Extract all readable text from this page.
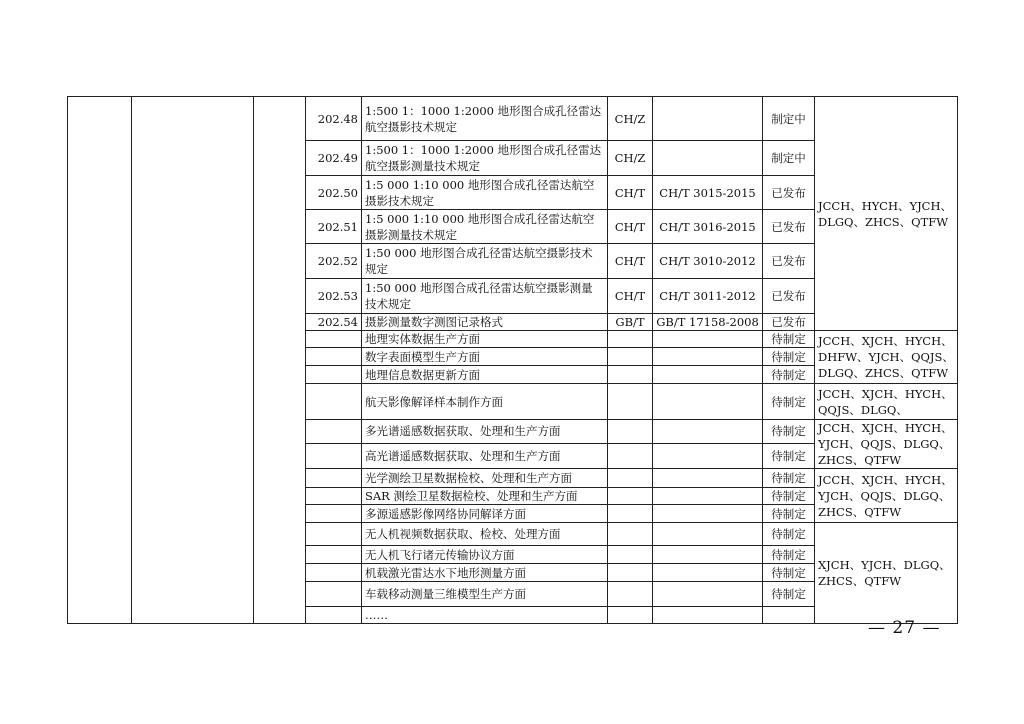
			202.48	1:500 1：1000 1:2000 地形图合成孔径雷达航空摄影技术规定	CH/Z		制定中	JCCH、HYCH、YJCH、DLGQ、ZHCS、QTFW
			202.49	1:500 1：1000 1:2000 地形图合成孔径雷达航空摄影测量技术规定	CH/Z		制定中	
			202.50	1:5 000 1:10 000 地形图合成孔径雷达航空摄影技术规定	CH/T	CH/T 3015-2015	已发布	
			202.51	1:5 000 1:10 000 地形图合成孔径雷达航空摄影测量技术规定	CH/T	CH/T 3016-2015	已发布	
			202.52	1:50 000 地形图合成孔径雷达航空摄影技术规定	CH/T	CH/T 3010-2012	已发布	
			202.53	1:50 000 地形图合成孔径雷达航空摄影测量技术规定	CH/T	CH/T 3011-2012	已发布	
			202.54	摄影测量数字测图记录格式	GB/T	GB/T 17158-2008	已发布	
				地理实体数据生产方面			待制定	JCCH、XJCH、HYCH、DHFW、YJCH、QQJS、DLGQ、ZHCS、QTFW
				数字表面模型生产方面			待制定	
				地理信息数据更新方面			待制定	
				航天影像解译样本制作方面			待制定	JCCH、XJCH、HYCH、QQJS、DLGQ、
				多光谱遥感数据获取、处理和生产方面			待制定	JCCH、XJCH、HYCH、YJCH、QQJS、DLGQ、ZHCS、QTFW
				高光谱遥感数据获取、处理和生产方面			待制定	
				光学测绘卫星数据检校、处理和生产方面			待制定	JCCH、XJCH、HYCH、YJCH、QQJS、DLGQ、ZHCS、QTFW
				SAR 测绘卫星数据检校、处理和生产方面			待制定	
				多源遥感影像网络协同解译方面			待制定	
				无人机视频数据获取、检校、处理方面			待制定	XJCH、YJCH、DLGQ、ZHCS、QTFW
				无人机飞行诸元传输协议方面			待制定	
				机载激光雷达水下地形测量方面			待制定	
				车载移动测量三维模型生产方面			待制定	
				……				
— 27 —
